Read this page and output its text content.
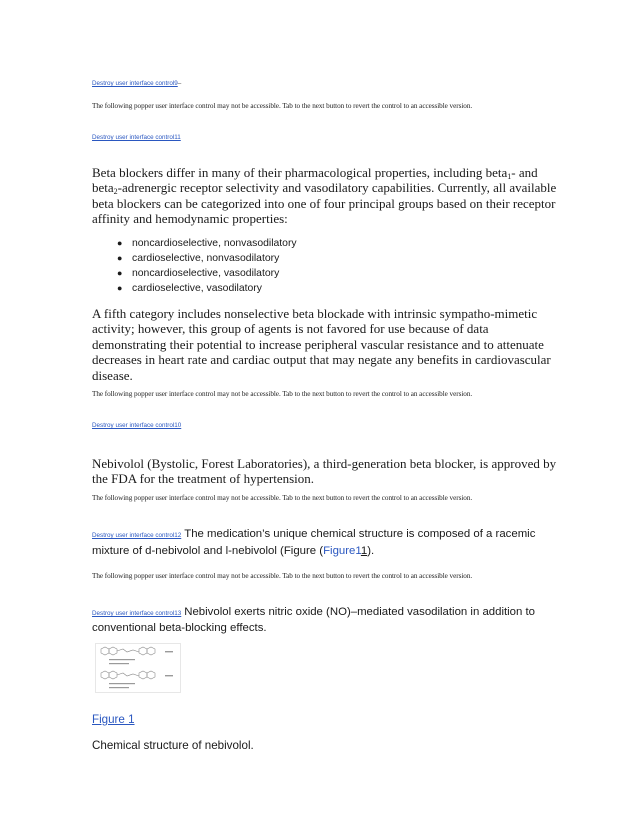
Destroy user interface control9–
The following popper user interface control may not be accessible. Tab to the next button to revert the control to an accessible version.
Destroy user interface control11
Beta blockers differ in many of their pharmacological properties, including beta$_1$- and
beta$_2$-adrenergic receptor selectivity and vasodilatory capabilities. Currently, all available
beta blockers can be categorized into one of four principal groups based on their receptor
affinity and hemodynamic properties:
● noncardioselective, nonvasodilatory
● cardioselective, nonvasodilatory
● noncardioselective, vasodilatory
● cardioselective, vasodilatory
A fifth category includes nonselective beta blockade with intrinsic sympatho-mimetic
activity; however, this group of agents is not favored for use because of data
demonstrating their potential to increase peripheral vascular resistance and to attenuate
decreases in heart rate and cardiac output that may negate any benefits in cardiovascular
disease.
The following popper user interface control may not be accessible. Tab to the next button to revert the control to an accessible version.
Destroy user interface control10
Nebivolol (Bystolic, Forest Laboratories), a third-generation beta blocker, is approved by
the FDA for the treatment of hypertension.
The following popper user interface control may not be accessible. Tab to the next button to revert the control to an accessible version.
Destroy user interface control12 The medication’s unique chemical structure is composed of a racemic
mixture of d-nebivolol and l-nebivolol (Figure (Figure11).
The following popper user interface control may not be accessible. Tab to the next button to revert the control to an accessible version.
Destroy user interface control13 Nebivolol exerts nitric oxide (NO)–mediated vasodilation in addition to
conventional beta-blocking effects.
Figure 1
Chemical structure of nebivolol.
